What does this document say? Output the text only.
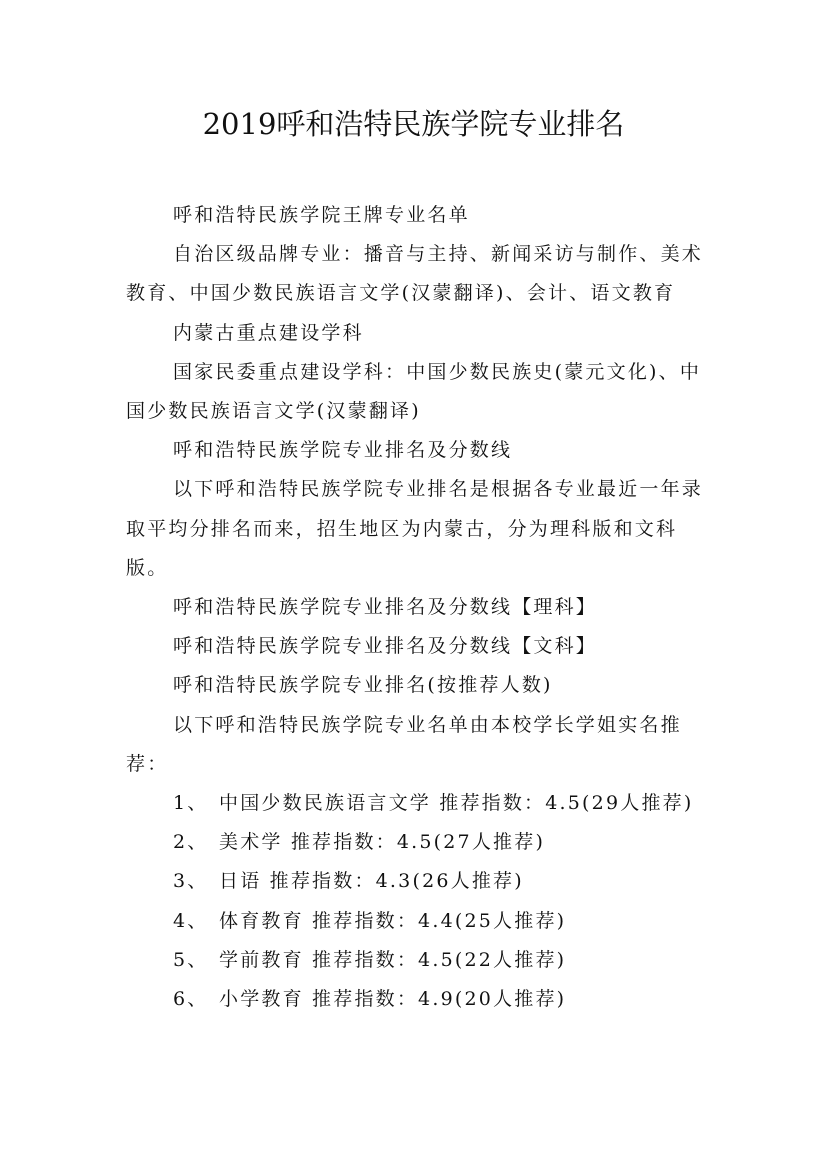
2019呼和浩特民族学院专业排名

呼和浩特民族学院王牌专业名单

自治区级品牌专业：播音与主持、新闻采访与制作、美术教育、中国少数民族语言文学(汉蒙翻译)、会计、语文教育

内蒙古重点建设学科

国家民委重点建设学科：中国少数民族史(蒙元文化)、中国少数民族语言文学(汉蒙翻译)

呼和浩特民族学院专业排名及分数线

以下呼和浩特民族学院专业排名是根据各专业最近一年录取平均分排名而来，招生地区为内蒙古，分为理科版和文科版。

呼和浩特民族学院专业排名及分数线【理科】

呼和浩特民族学院专业排名及分数线【文科】

呼和浩特民族学院专业排名(按推荐人数)

以下呼和浩特民族学院专业名单由本校学长学姐实名推荐：

1、 中国少数民族语言文学 推荐指数：4.5(29人推荐)
2、 美术学 推荐指数：4.5(27人推荐)
3、 日语 推荐指数：4.3(26人推荐)
4、 体育教育 推荐指数：4.4(25人推荐)
5、 学前教育 推荐指数：4.5(22人推荐)
6、 小学教育 推荐指数：4.9(20人推荐)
